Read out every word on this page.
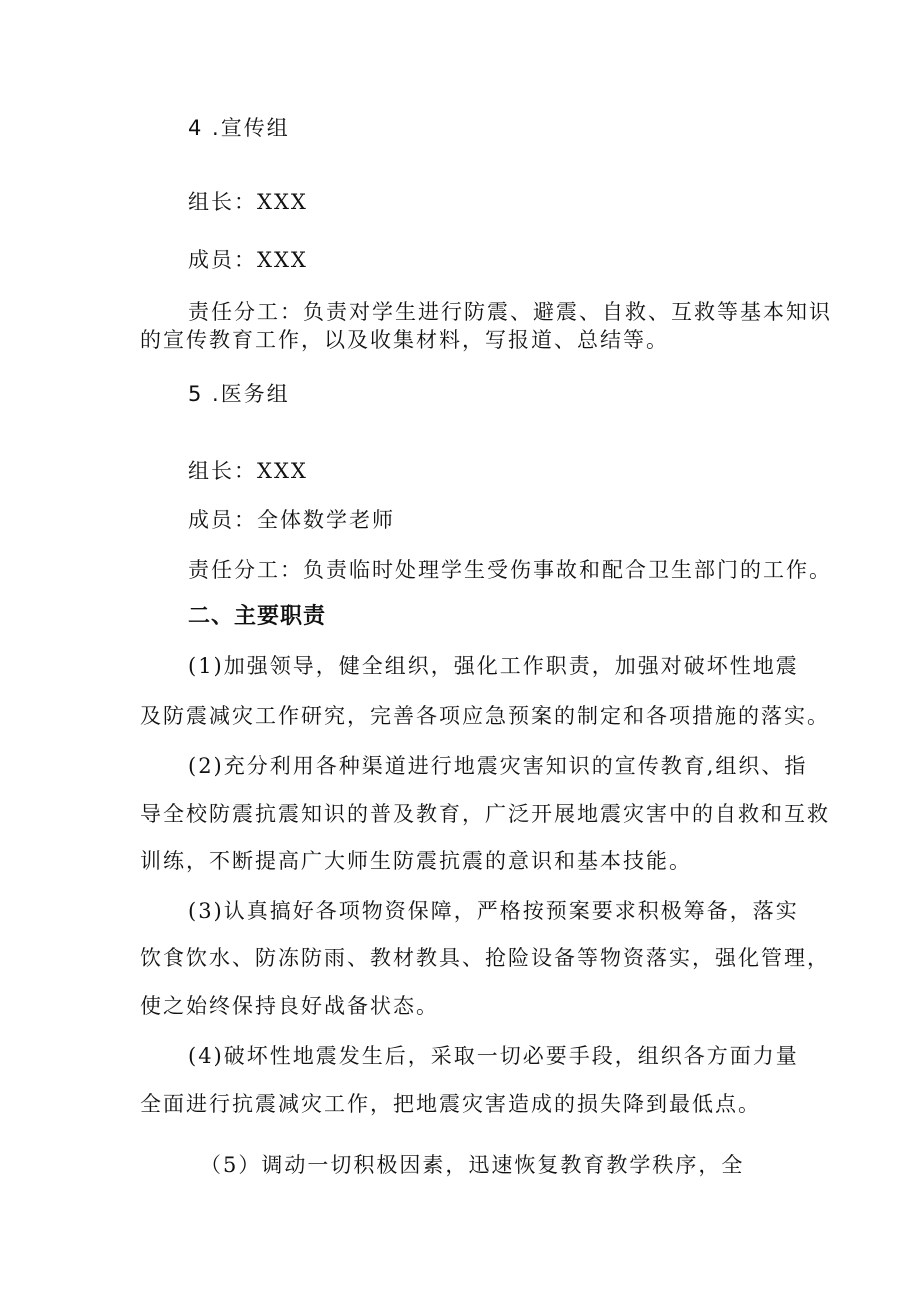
4 .宣传组
组长：XXX
成员：XXX
责任分工：负责对学生进行防震、避震、自救、互救等基本知识
的宣传教育工作，以及收集材料，写报道、总结等。
5 .医务组
组长：XXX
成员：全体数学老师
责任分工：负责临时处理学生受伤事故和配合卫生部门的工作。
二、主要职责
(1)加强领导，健全组织，强化工作职责，加强对破坏性地震
及防震减灾工作研究，完善各项应急预案的制定和各项措施的落实。
(2)充分利用各种渠道进行地震灾害知识的宣传教育,组织、指
导全校防震抗震知识的普及教育，广泛开展地震灾害中的自救和互救
训练，不断提高广大师生防震抗震的意识和基本技能。
(3)认真搞好各项物资保障，严格按预案要求积极筹备，落实
饮食饮水、防冻防雨、教材教具、抢险设备等物资落实，强化管理，
使之始终保持良好战备状态。
(4)破坏性地震发生后，采取一切必要手段，组织各方面力量
全面进行抗震减灾工作，把地震灾害造成的损失降到最低点。
（5）调动一切积极因素，迅速恢复教育教学秩序，全
